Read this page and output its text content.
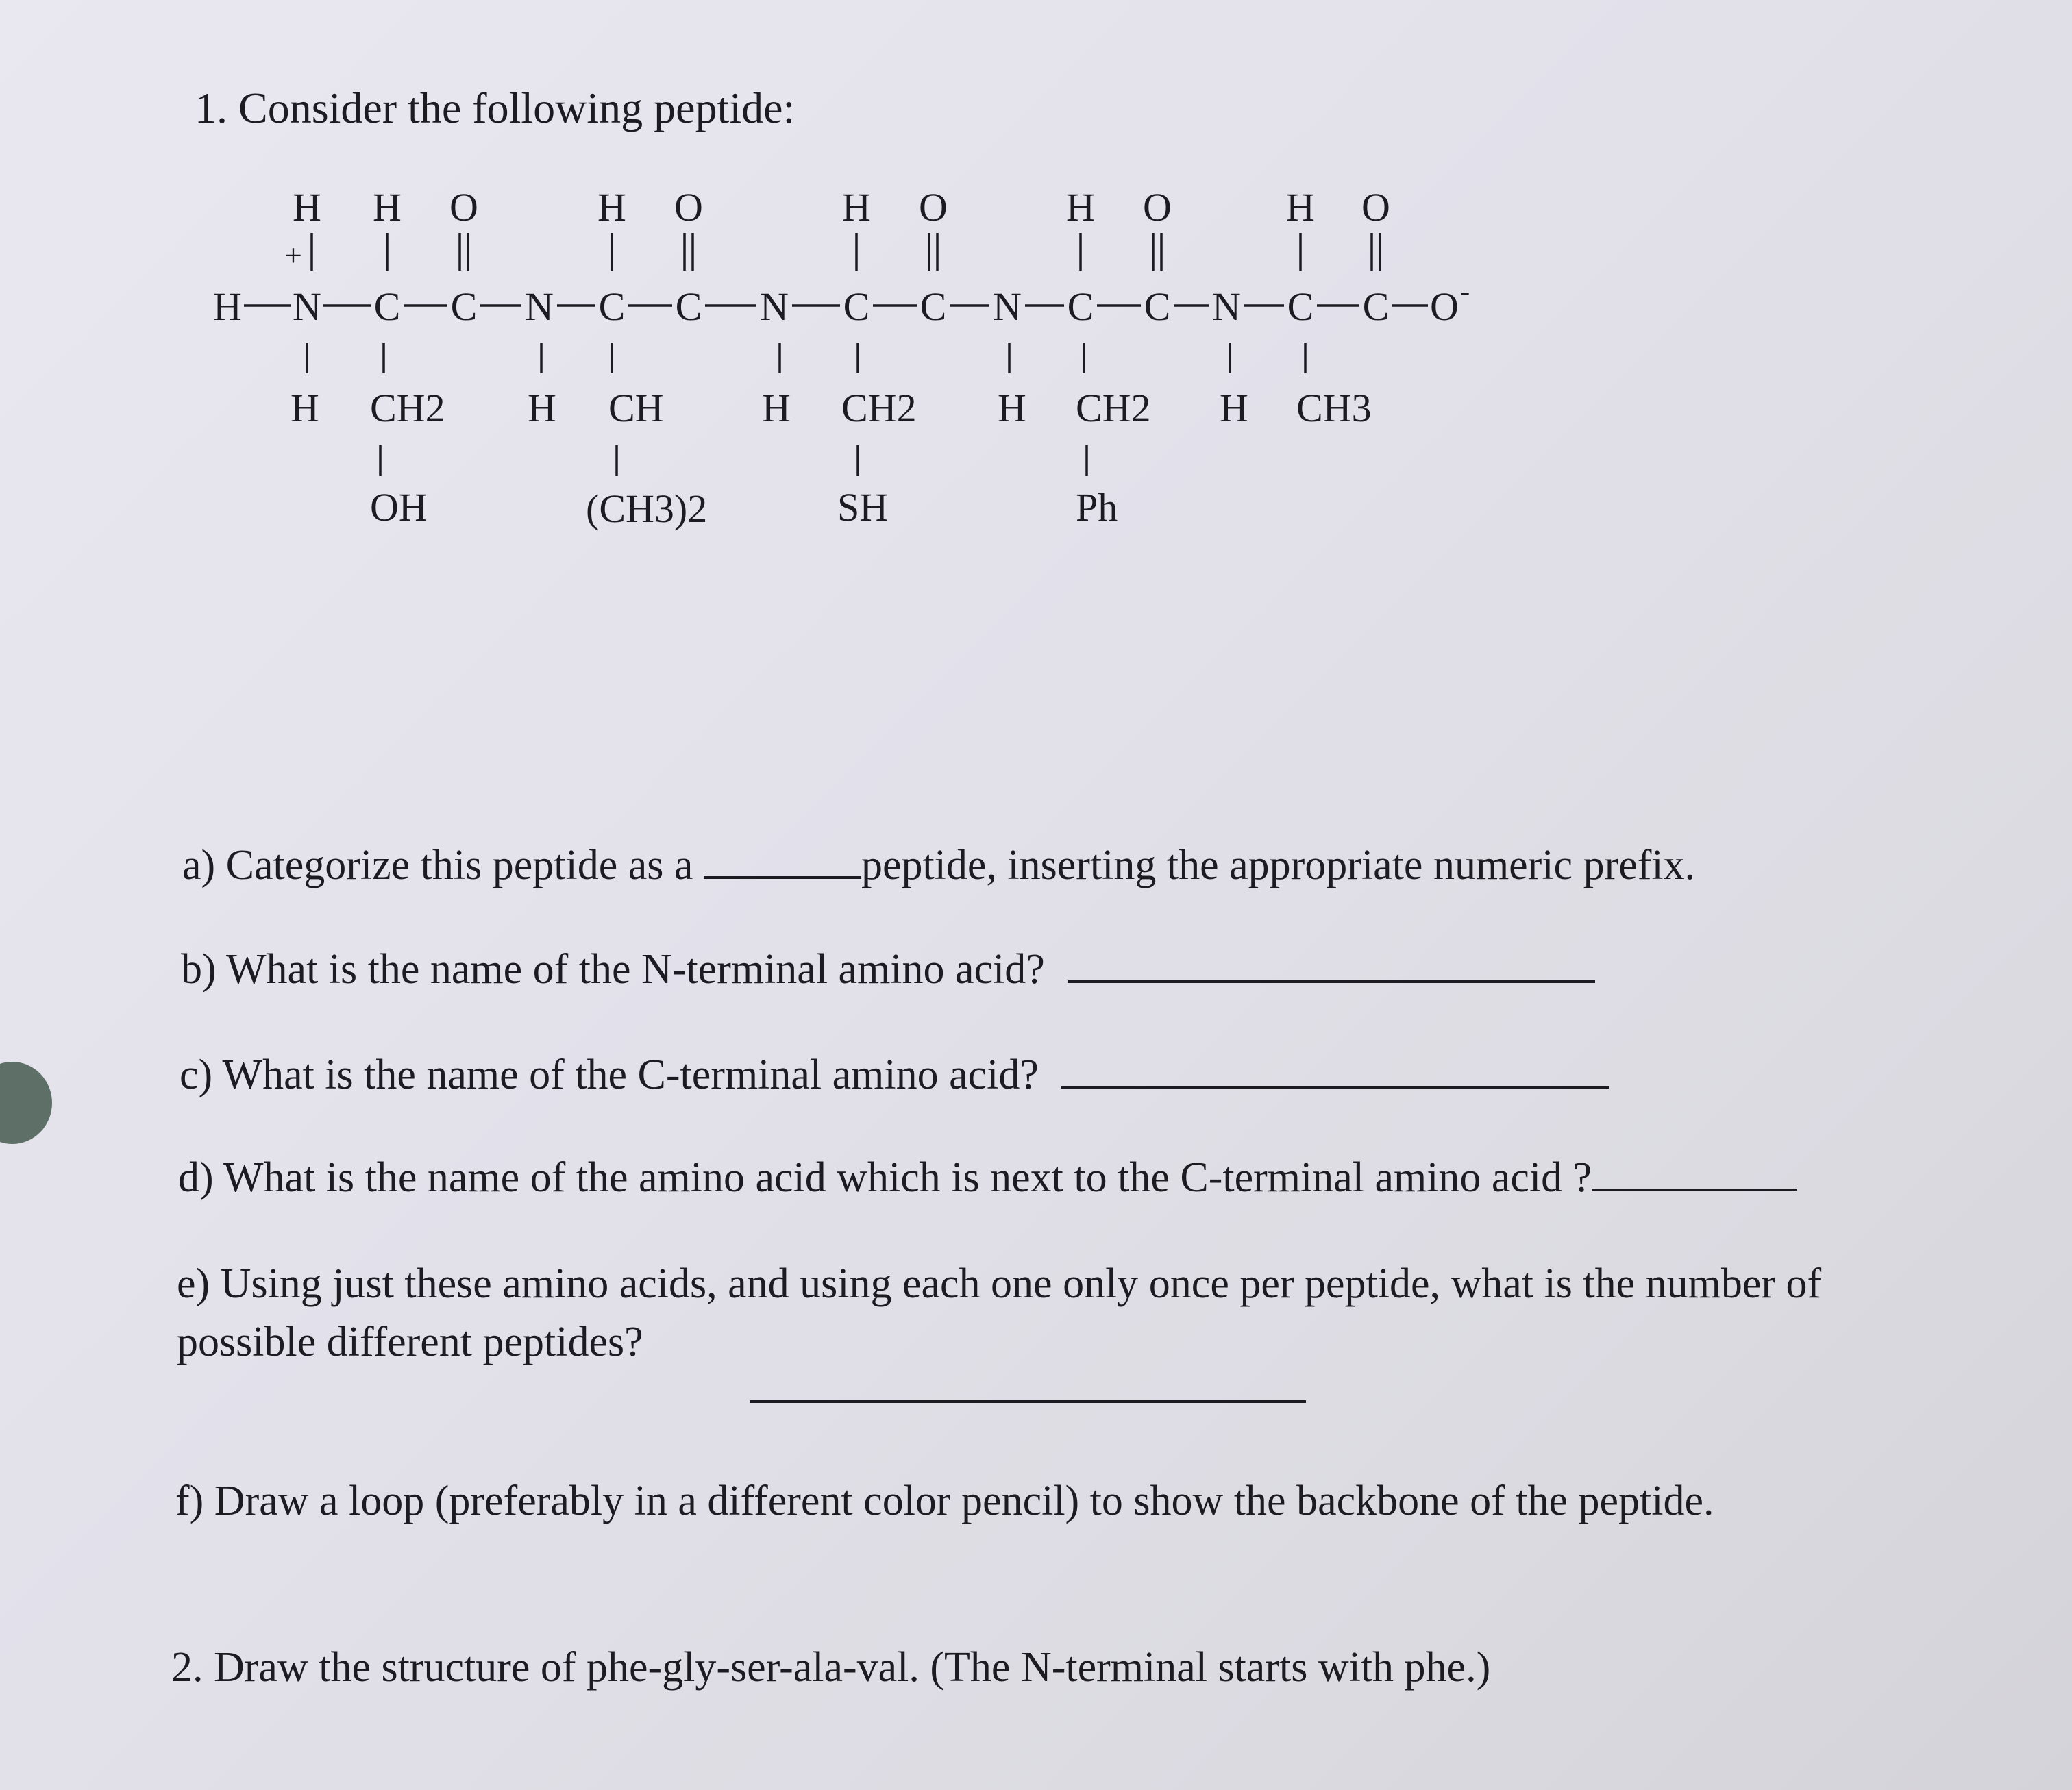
1. Consider the following peptide:
H H O	H O	H O	H O	H O
+
H N C C N C C N C C N C C N C C O -
H	H	H	H	H
CH2	CH	CH2	CH2	CH3
OH	(CH3)2	SH	Ph
a) Categorize this peptide as a	peptide, inserting the appropriate numeric prefix.
b) What is the name of the N-terminal amino acid?
c) What is the name of the C-terminal amino acid?
d) What is the name of the amino acid which is next to the C-terminal amino acid ?
e) Using just these amino acids, and using each one only once per peptide, what is the number of
possible different peptides?
f) Draw a loop (preferably in a different color pencil) to show the backbone of the peptide.
2. Draw the structure of phe-gly-ser-ala-val. (The N-terminal starts with phe.)
